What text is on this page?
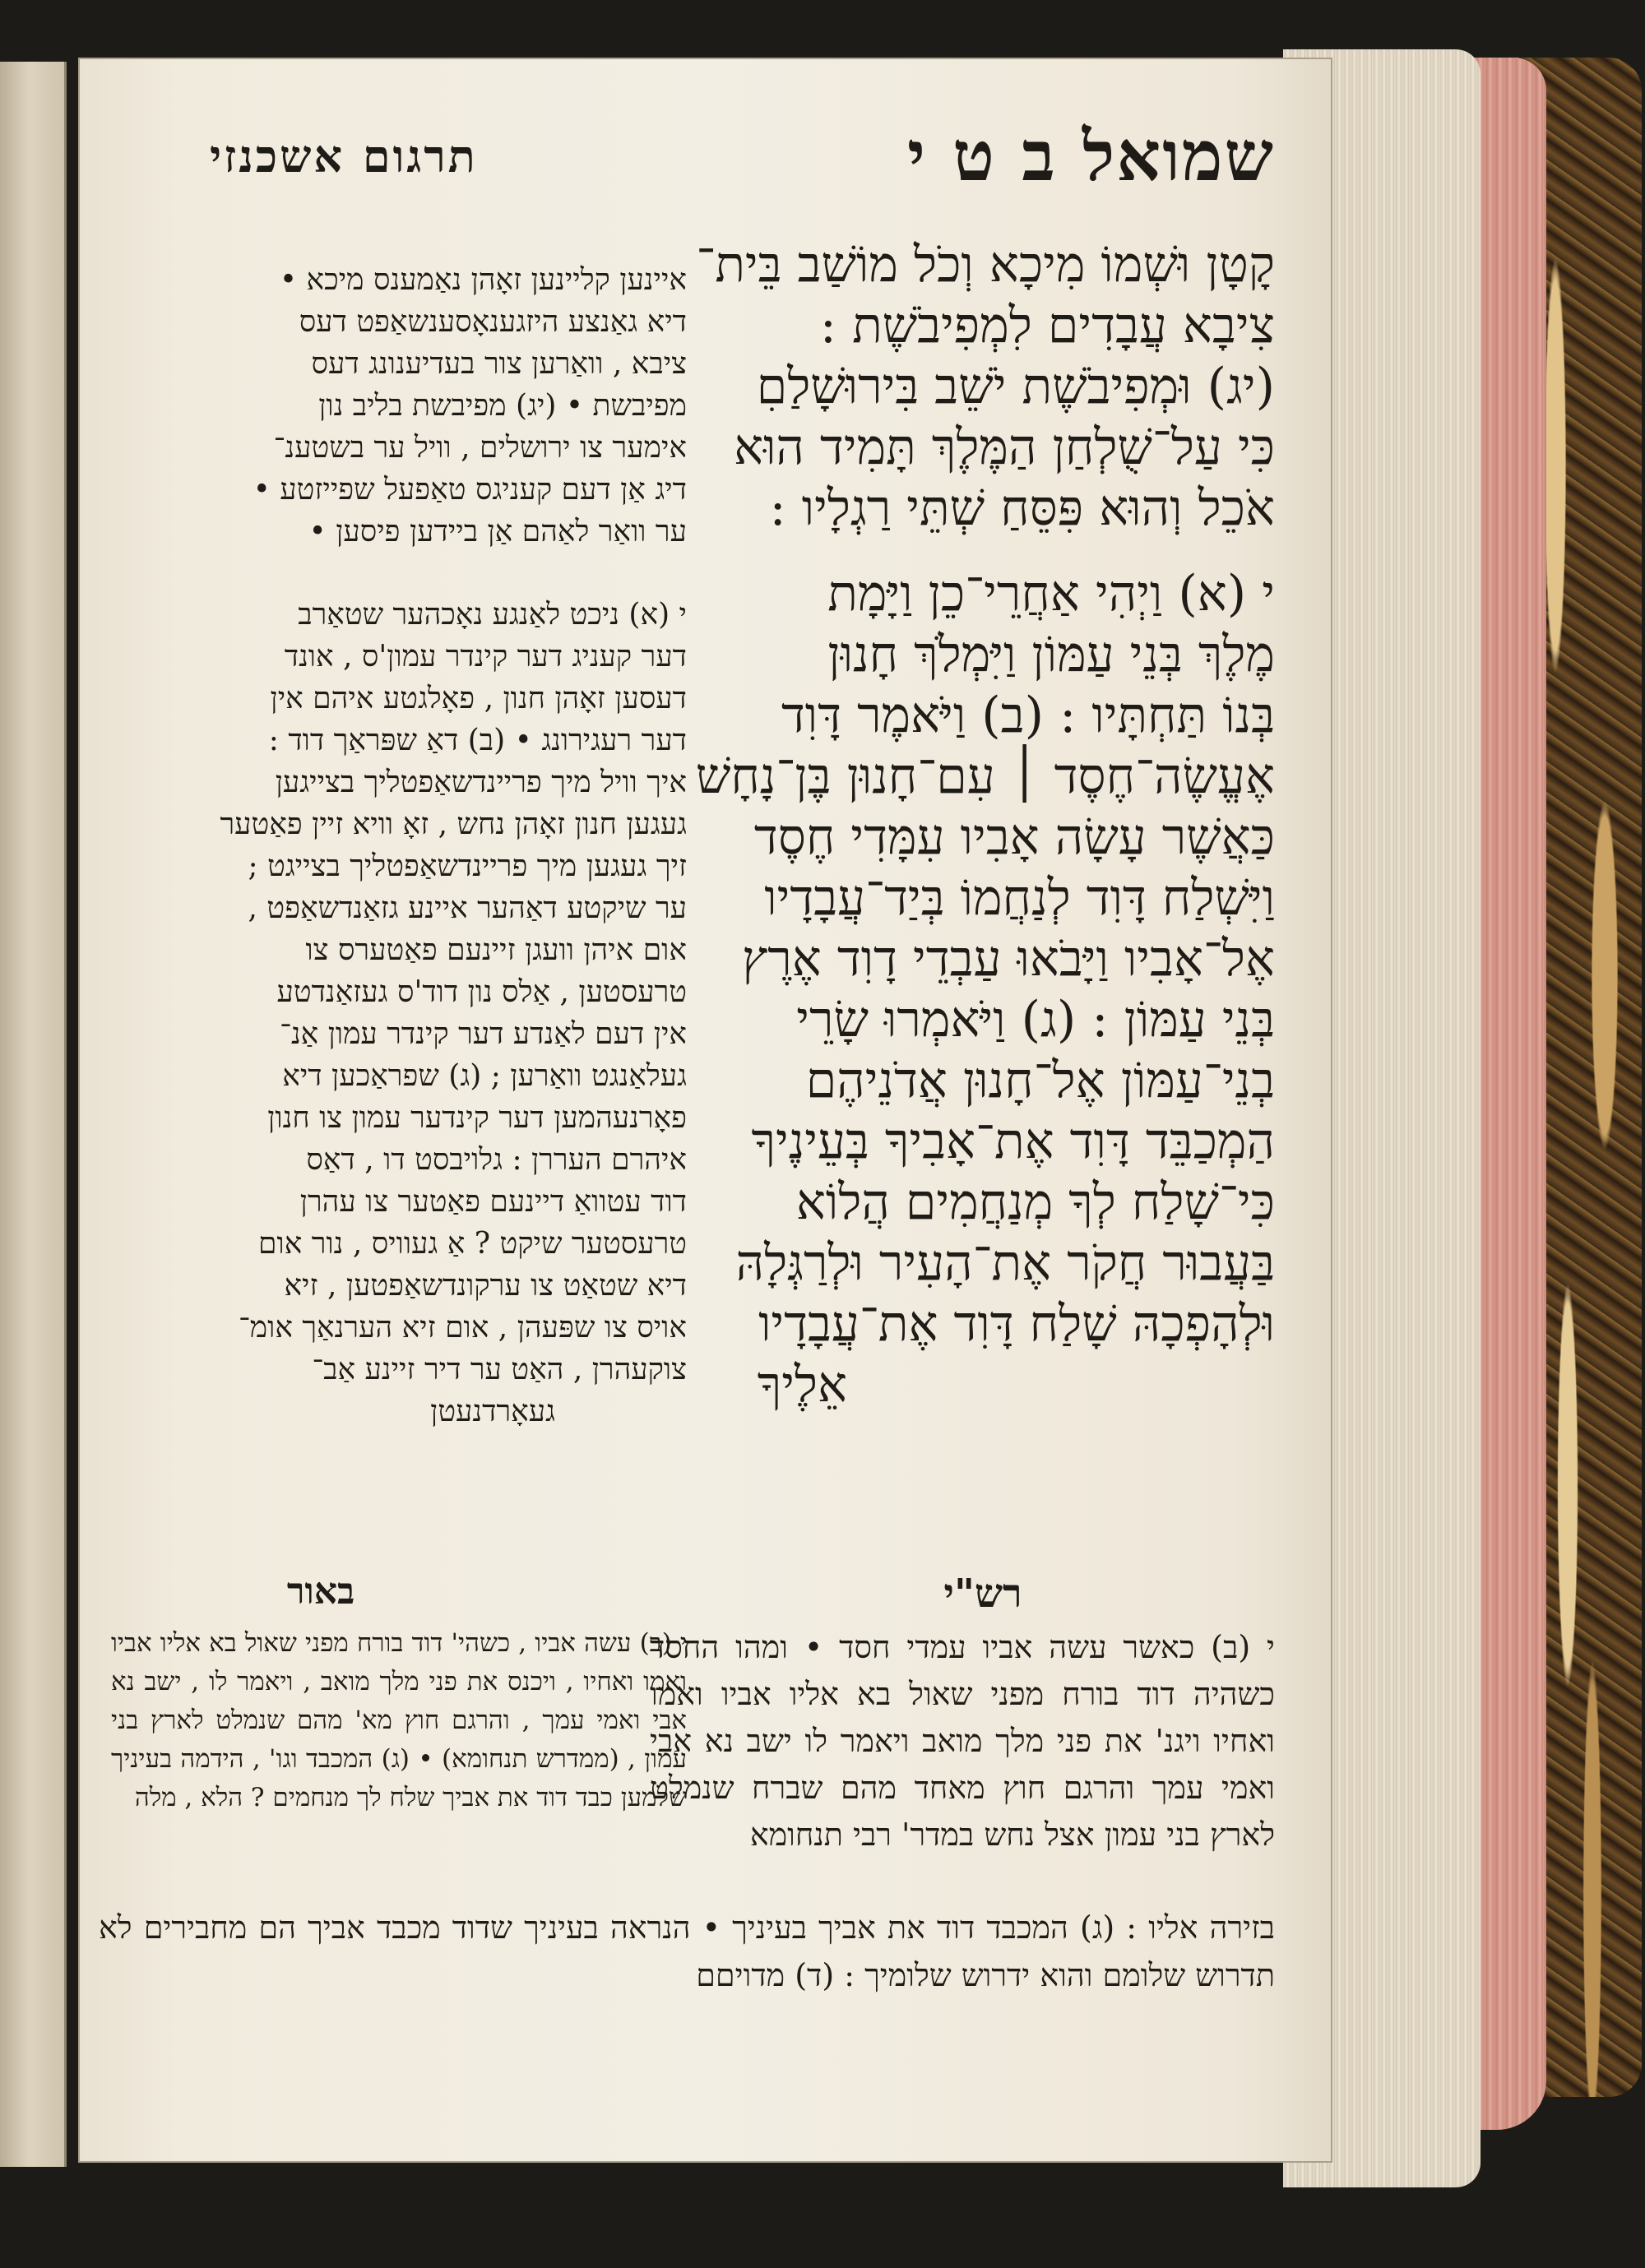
שמואל ב ט י
תרגום אשכנזי

קָטָן וּשְׁמוֹ מִיכָא וְכֹל מוֹשַׁב בֵּית־

צִיבָא עֲבָדִים לִמְפִיבֹשֶׁת :

(יג) וּמְפִיבֹשֶׁת יֹשֵׁב בִּירוּשָׁלַםִ

כִּי עַל־שֻׁלְחַן הַמֶּלֶךְ תָּמִיד הוּא

אֹכֵל וְהוּא פִּסֵּחַ שְׁתֵּי רַגְלָיו :

י (א) וַיְהִי אַחֲרֵי־כֵן וַיָּמָת

מֶלֶךְ בְּנֵי עַמּוֹן וַיִּמְלֹךְ חָנוּן

בְּנוֹ תַּחְתָּיו : (ב) וַיֹּאמֶר דָּוִד

אֶעֱשֶׂה־חֶסֶד ׀ עִם־חָנוּן בֶּן־נָחָשׁ

כַּאֲשֶׁר עָשָׂה אָבִיו עִמָּדִי חֶסֶד

וַיִּשְׁלַח דָּוִד לְנַחֲמוֹ בְּיַד־עֲבָדָיו

אֶל־אָבִיו וַיָּבֹאוּ עַבְדֵי דָוִד אֶרֶץ

בְּנֵי עַמּוֹן : (ג) וַיֹּאמְרוּ שָׂרֵי

בְנֵי־עַמּוֹן אֶל־חָנוּן אֲדֹנֵיהֶם

הַמְכַבֵּד דָּוִד אֶת־אָבִיךָ בְּעֵינֶיךָ

כִּי־שָׁלַח לְךָ מְנַחֲמִים הֲלוֹא

בַּעֲבוּר חֲקֹר אֶת־הָעִיר וּלְרַגְּלָהּ

וּלְהָפְכָהּ שָׁלַח דָּוִד אֶת־עֲבָדָיו

אֵלֶיךָ

איינען קליינען זאָהן נאַמענס מיכא •
דיא גאַנצע היזגענאָסענשאַפט דעס
ציבא , וואַרען צור בעדיענונג דעס
מפיבשת • (יג) מפיבשת בליב נון
אימער צו ירושלים , וויל ער בשטענ־
דיג אַן דעם קעניגס טאַפעל שפייזטע •
ער וואַר לאַהם אַן ביידען פיסען •
י (א) ניכט לאַנגע נאָכהער שטאַרב
דער קעניג דער קינדר עמון'ס , אונד
דעסען זאָהן חנון , פאָלגטע איהם אין
דער רעגירונג • (ב) דאַ שפּראַך דוד :
איך וויל מיך פריינדשאַפטליך בצייגען
געגען חנון זאָהן נחש , זאָ וויא זיין פאַטער
זיך געגען מיך פריינדשאַפטליך בצייגט ;
ער שיקטע דאַהער איינע גזאַנדשאַפט ,
אום איהן וועגן זיינעם פאַטערס צו
טרעסטען , אַלס נון דוד'ס געזאַנדטע
אין דעם לאַנדע דער קינדר עמון אַנ־
געלאַנגט וואַרען ; (ג) שפראַכען דיא
פאָרנעהמען דער קינדער עמון צו חנון
איהרם העררן : גלויבסט דו , דאַס
דוד עטוואַ דיינעם פאַטער צו עהרן
טרעסטער שיקט ? אַ געוויס , נור אום
דיא שטאַט צו ערקונדשאַפטען , זיא
אויס צו שפּעהן , אום זיא הערנאַך אומ־
צוקעהרן , האַט ער דיר זיינע אַב־
געאָרדנעטן
רש"י
באור
י (ב) כאשר עשה אביו עמדי חסד • ומהו החסד כשהיה דוד בורח מפני שאול בא אליו אביו ואמו ואחיו ויגנ' את פני מלך מואב ויאמר לו ישב נא אבי ואמי עמך והרגם חוץ מאחד מהם שברח שנמלט לארץ בני עמון אצל נחש במדר' רבי תנחומא
י (ב) עשה אביו , כשהי' דוד בורח מפני שאול בא אליו אביו ואמו ואחיו , ויכנס את פני מלך מואב , ויאמר לו , ישב נא אבי ואמי עמך , והרגם חוץ מא' מהם שנמלט לארץ בני עמון , (ממדרש תנחומא) • (ג) המכבד וגו' , הידמה בעיניך שלמען כבד דוד את אביך שלח לך מנחמים ? הלא , מלה
בזירה אליו : (ג) המכבד דוד את אביך בעיניך • הנראה בעיניך שדוד מכבד אביך הם מחבירים לא תדרוש שלומם והוא ידרוש שלומיך : (ד) מדויםם
